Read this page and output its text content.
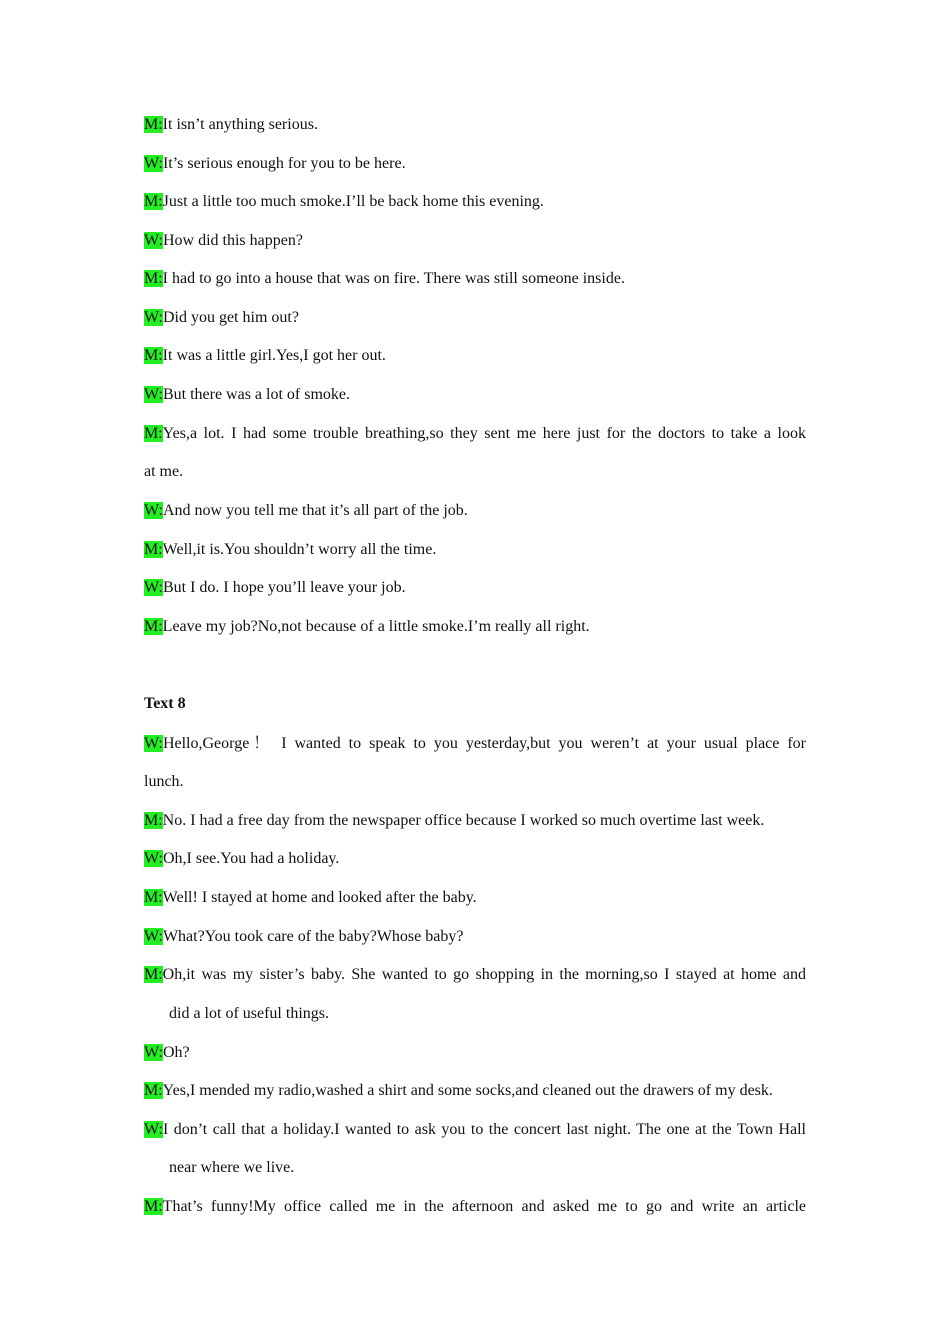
M:It isn’t anything serious.
W:It’s serious enough for you to be here.
M:Just a little too much smoke.I’ll be back home this evening.
W:How did this happen?
M:I had to go into a house that was on fire. There was still someone inside.
W:Did you get him out?
M:It was a little girl.Yes,I got her out.
W:But there was a lot of smoke.
M:Yes,a lot. I had some trouble breathing,so they sent me here just for the doctors to take a look
at me.
W:And now you tell me that it’s all part of the job.
M:Well,it is.You shouldn’t worry all the time.
W:But I do. I hope you’ll leave your job.
M:Leave my job?No,not because of a little smoke.I’m really all right.
Text 8
W:Hello,George！ I wanted to speak to you yesterday,but you weren’t at your usual place for
lunch.
M:No. I had a free day from the newspaper office because I worked so much overtime last week.
W:Oh,I see.You had a holiday.
M:Well! I stayed at home and looked after the baby.
W:What?You took care of the baby?Whose baby?
M:Oh,it was my sister’s baby. She wanted to go shopping in the morning,so I stayed at home and
did a lot of useful things.
W:Oh?
M:Yes,I mended my radio,washed a shirt and some socks,and cleaned out the drawers of my desk.
W:I don’t call that a holiday.I wanted to ask you to the concert last night. The one at the Town Hall
near where we live.
M:That’s funny!My office called me in the afternoon and asked me to go and write an article
